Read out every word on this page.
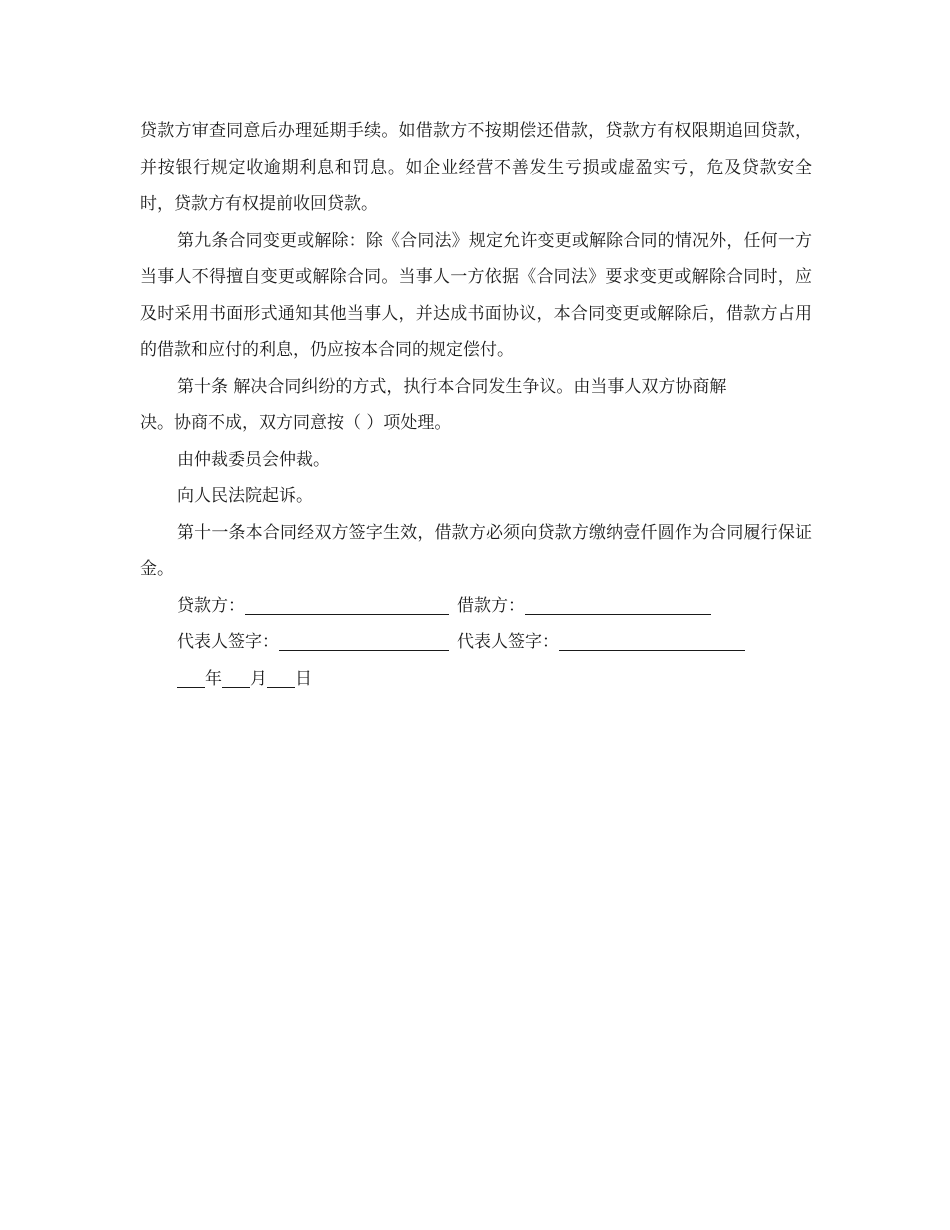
贷款方审查同意后办理延期手续。如借款方不按期偿还借款，贷款方有权限期追回贷款，并按银行规定收逾期利息和罚息。如企业经营不善发生亏损或虚盈实亏，危及贷款安全时，贷款方有权提前收回贷款。

第九条合同变更或解除：除《合同法》规定允许变更或解除合同的情况外，任何一方当事人不得擅自变更或解除合同。当事人一方依据《合同法》要求变更或解除合同时，应及时采用书面形式通知其他当事人，并达成书面协议，本合同变更或解除后，借款方占用的借款和应付的利息，仍应按本合同的规定偿付。

第十条 解决合同纠纷的方式，执行本合同发生争议。由当事人双方协商解

决。协商不成，双方同意按（ ）项处理。

由仲裁委员会仲裁。

向人民法院起诉。

第十一条本合同经双方签字生效，借款方必须向贷款方缴纳壹仟圆作为合同履行保证金。

贷款方：	借款方：

代表人签字：	代表人签字：

年 月 日
